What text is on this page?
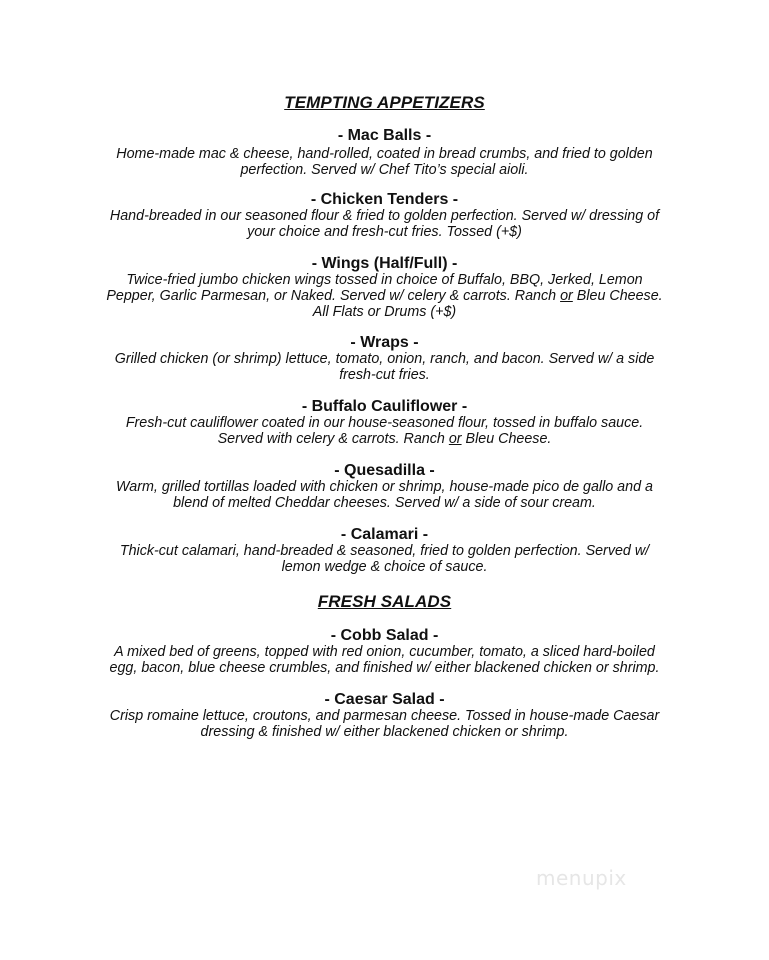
TEMPTING APPETIZERS
- Mac Balls -
Home-made mac & cheese, hand-rolled, coated in bread crumbs, and fried to golden
perfection. Served w/ Chef Tito’s special aioli.
- Chicken Tenders -
Hand-breaded in our seasoned flour & fried to golden perfection. Served w/ dressing of
your choice and fresh-cut fries. Tossed (+$)
- Wings (Half/Full) -
Twice-fried jumbo chicken wings tossed in choice of Buffalo, BBQ, Jerked, Lemon
Pepper, Garlic Parmesan, or Naked. Served w/ celery & carrots. Ranch or Bleu Cheese.
All Flats or Drums (+$)
- Wraps -
Grilled chicken (or shrimp) lettuce, tomato, onion, ranch, and bacon. Served w/ a side
fresh-cut fries.
- Buffalo Cauliflower -
Fresh-cut cauliflower coated in our house-seasoned flour, tossed in buffalo sauce.
Served with celery & carrots. Ranch or Bleu Cheese.
- Quesadilla -
Warm, grilled tortillas loaded with chicken or shrimp, house-made pico de gallo and a
blend of melted Cheddar cheeses. Served w/ a side of sour cream.
- Calamari -
Thick-cut calamari, hand-breaded & seasoned, fried to golden perfection. Served w/
lemon wedge & choice of sauce.
FRESH SALADS
- Cobb Salad -
A mixed bed of greens, topped with red onion, cucumber, tomato, a sliced hard-boiled
egg, bacon, blue cheese crumbles, and finished w/ either blackened chicken or shrimp.
- Caesar Salad -
Crisp romaine lettuce, croutons, and parmesan cheese. Tossed in house-made Caesar
dressing & finished w/ either blackened chicken or shrimp.
menupix
